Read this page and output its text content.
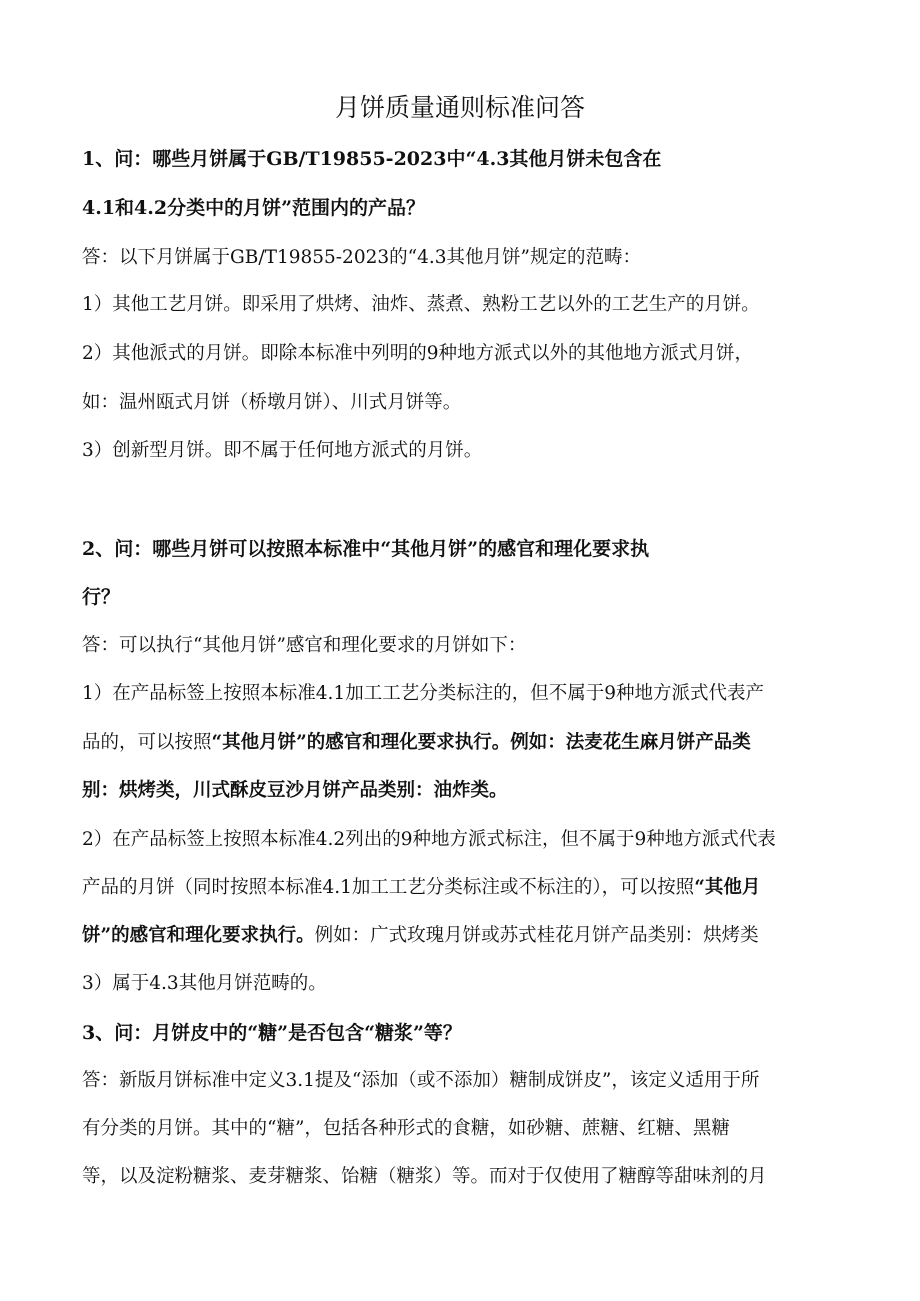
月饼质量通则标准问答
1、问：哪些月饼属于GB/T19855-2023中“4.3其他月饼未包含在
4.1和4.2分类中的月饼”范围内的产品？
答：以下月饼属于GB/T19855-2023的“4.3其他月饼”规定的范畴：
1）其他工艺月饼。即采用了烘烤、油炸、蒸煮、熟粉工艺以外的工艺生产的月饼。
2）其他派式的月饼。即除本标准中列明的9种地方派式以外的其他地方派式月饼，
如：温州瓯式月饼（桥墩月饼）、川式月饼等。
3）创新型月饼。即不属于任何地方派式的月饼。
2、问：哪些月饼可以按照本标准中“其他月饼”的感官和理化要求执
行？
答：可以执行“其他月饼”感官和理化要求的月饼如下：
1）在产品标签上按照本标准4.1加工工艺分类标注的，但不属于9种地方派式代表产
品的，可以按照“其他月饼”的感官和理化要求执行。例如：法麦花生麻月饼产品类
别：烘烤类，川式酥皮豆沙月饼产品类别：油炸类。
2）在产品标签上按照本标准4.2列出的9种地方派式标注，但不属于9种地方派式代表
产品的月饼（同时按照本标准4.1加工工艺分类标注或不标注的），可以按照“其他月
饼”的感官和理化要求执行。例如：广式玫瑰月饼或苏式桂花月饼产品类别：烘烤类
3）属于4.3其他月饼范畴的。
3、问：月饼皮中的“糖”是否包含“糖浆”等？
答：新版月饼标准中定义3.1提及“添加（或不添加）糖制成饼皮”，该定义适用于所
有分类的月饼。其中的“糖”，包括各种形式的食糖，如砂糖、蔗糖、红糖、黑糖
等，以及淀粉糖浆、麦芽糖浆、饴糖（糖浆）等。而对于仅使用了糖醇等甜味剂的月
